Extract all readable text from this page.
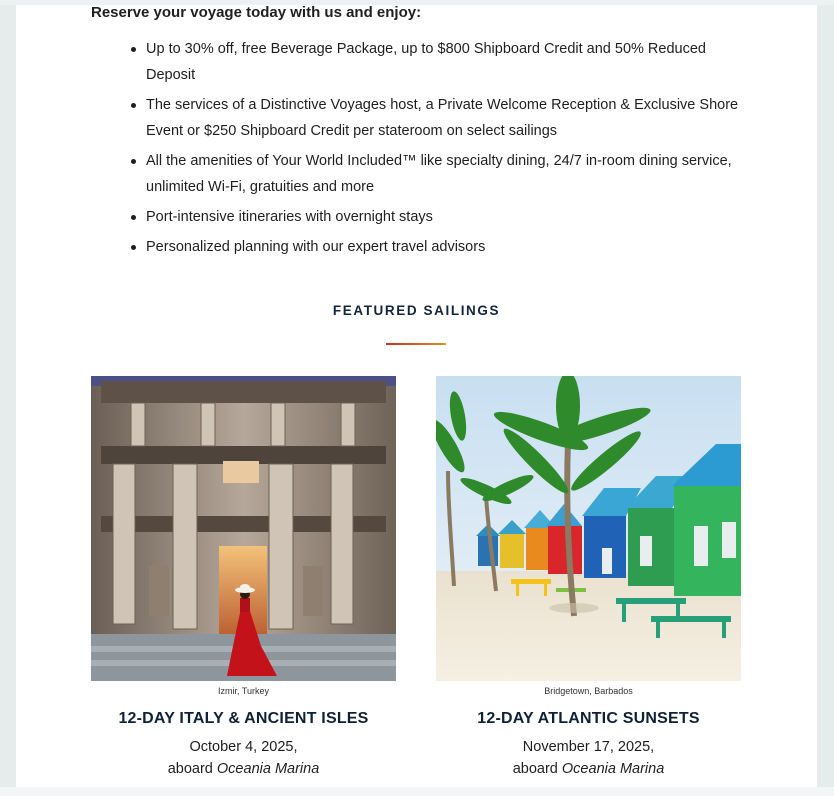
Reserve your voyage today with us and enjoy:
Up to 30% off, free Beverage Package, up to $800 Shipboard Credit and 50% Reduced Deposit
The services of a Distinctive Voyages host, a Private Welcome Reception & Exclusive Shore Event or $250 Shipboard Credit per stateroom on select sailings
All the amenities of Your World Included™ like specialty dining, 24/7 in-room dining service, unlimited Wi-Fi, gratuities and more
Port-intensive itineraries with overnight stays
Personalized planning with our expert travel advisors
FEATURED SAILINGS
Izmir, Turkey
12-DAY ITALY & ANCIENT ISLES
October 4, 2025,
aboard Oceania Marina
Bridgetown, Barbados
12-DAY ATLANTIC SUNSETS
November 17, 2025,
aboard Oceania Marina
